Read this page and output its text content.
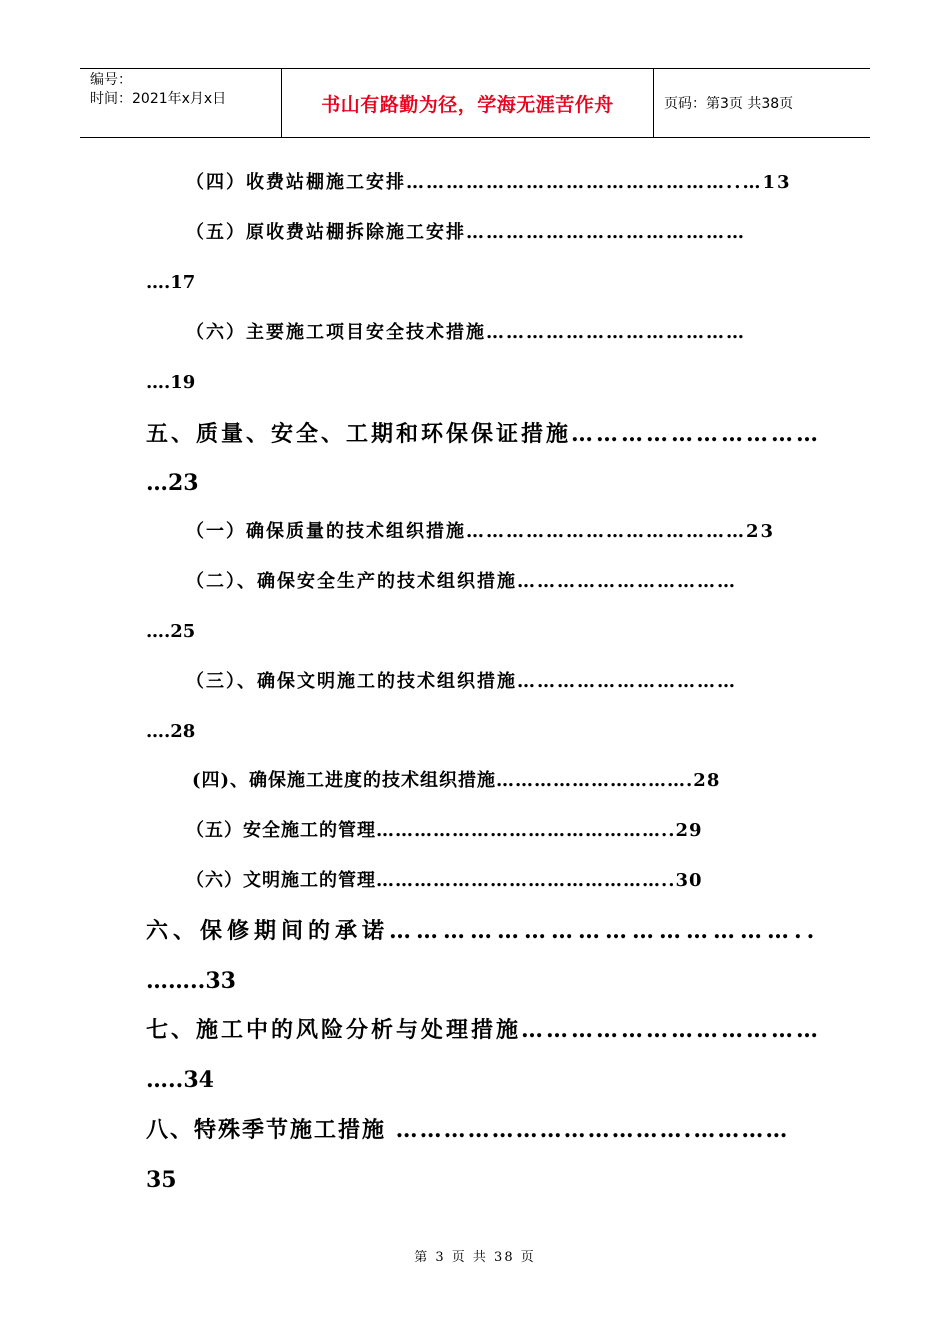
编号：
时间：2021年x月x日	书山有路勤为径，学海无涯苦作舟	页码：第3页 共38页
（四）收费站棚施工安排…………………………………………..…13
（五）原收费站棚拆除施工安排……………………………………
….17
（六）主要施工项目安全技术措施…………………………………
….19
五、质量、安全、工期和环保保证措施…………………………
…23
（一）确保质量的技术组织措施……………………………………23
（二）、确保安全生产的技术组织措施……………………………
….25
（三）、确保文明施工的技术组织措施……………………………
….28
(四)、确保施工进度的技术组织措施………………………….28
（五）安全施工的管理………………………………………..29
（六）文明施工的管理………………………………………..30
六、保修期间的承诺………………………………………..
……..33
七、施工中的风险分析与处理措施………………………………
…..34
八、特殊季节施工措施 ……………………………….…………
35
第 3 页 共 38 页
